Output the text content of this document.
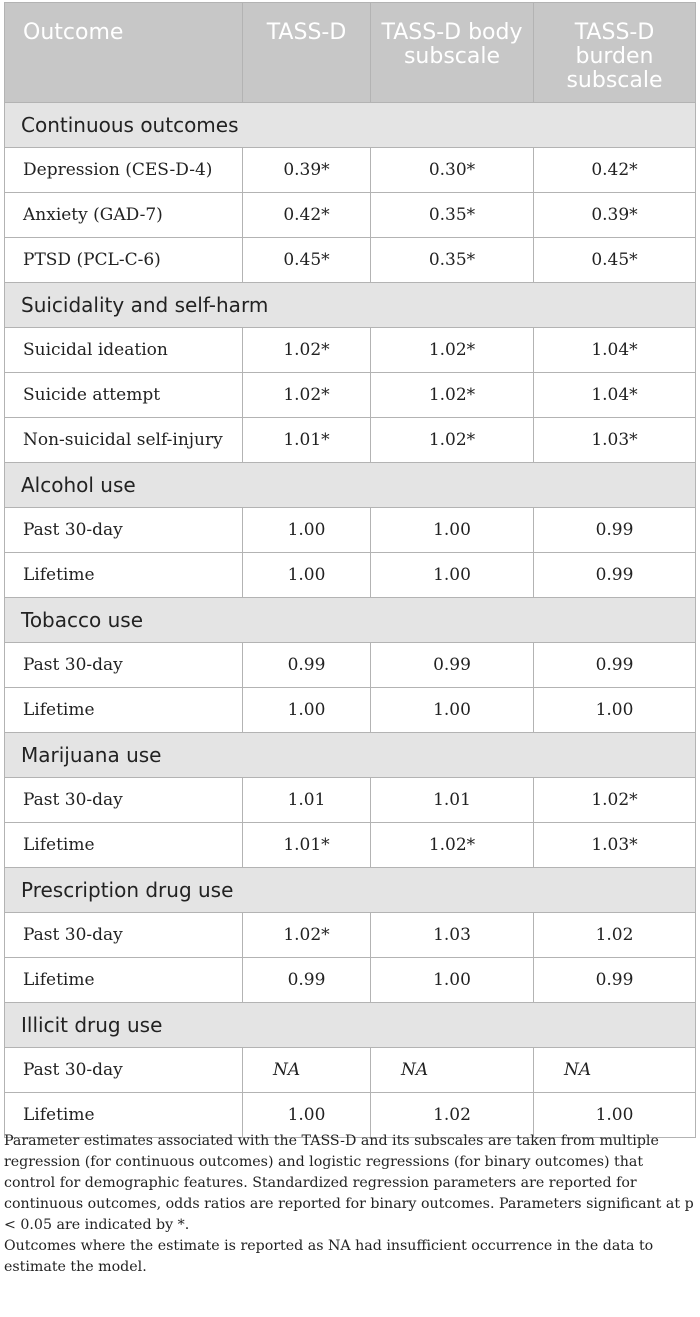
Outcome	TASS-D	TASS-D body subscale	TASS-D burden subscale
Continuous outcomes			
Depression (CES-D-4)	0.39*	0.30*	0.42*
Anxiety (GAD-7)	0.42*	0.35*	0.39*
PTSD (PCL-C-6)	0.45*	0.35*	0.45*
Suicidality and self-harm			
Suicidal ideation	1.02*	1.02*	1.04*
Suicide attempt	1.02*	1.02*	1.04*
Non-suicidal self-injury	1.01*	1.02*	1.03*
Alcohol use			
Past 30-day	1.00	1.00	0.99
Lifetime	1.00	1.00	0.99
Tobacco use			
Past 30-day	0.99	0.99	0.99
Lifetime	1.00	1.00	1.00
Marijuana use			
Past 30-day	1.01	1.01	1.02*
Lifetime	1.01*	1.02*	1.03*
Prescription drug use			
Past 30-day	1.02*	1.03	1.02
Lifetime	0.99	1.00	0.99
Illicit drug use			
Past 30-day	NA	NA	NA
Lifetime	1.00	1.02	1.00

Parameter estimates associated with the TASS-D and its subscales are taken from multiple regression (for continuous outcomes) and logistic regressions (for binary outcomes) that control for demographic features. Standardized regression parameters are reported for continuous outcomes, odds ratios are reported for binary outcomes. Parameters significant at p < 0.05 are indicated by *.

Outcomes where the estimate is reported as NA had insufficient occurrence in the data to estimate the model.
